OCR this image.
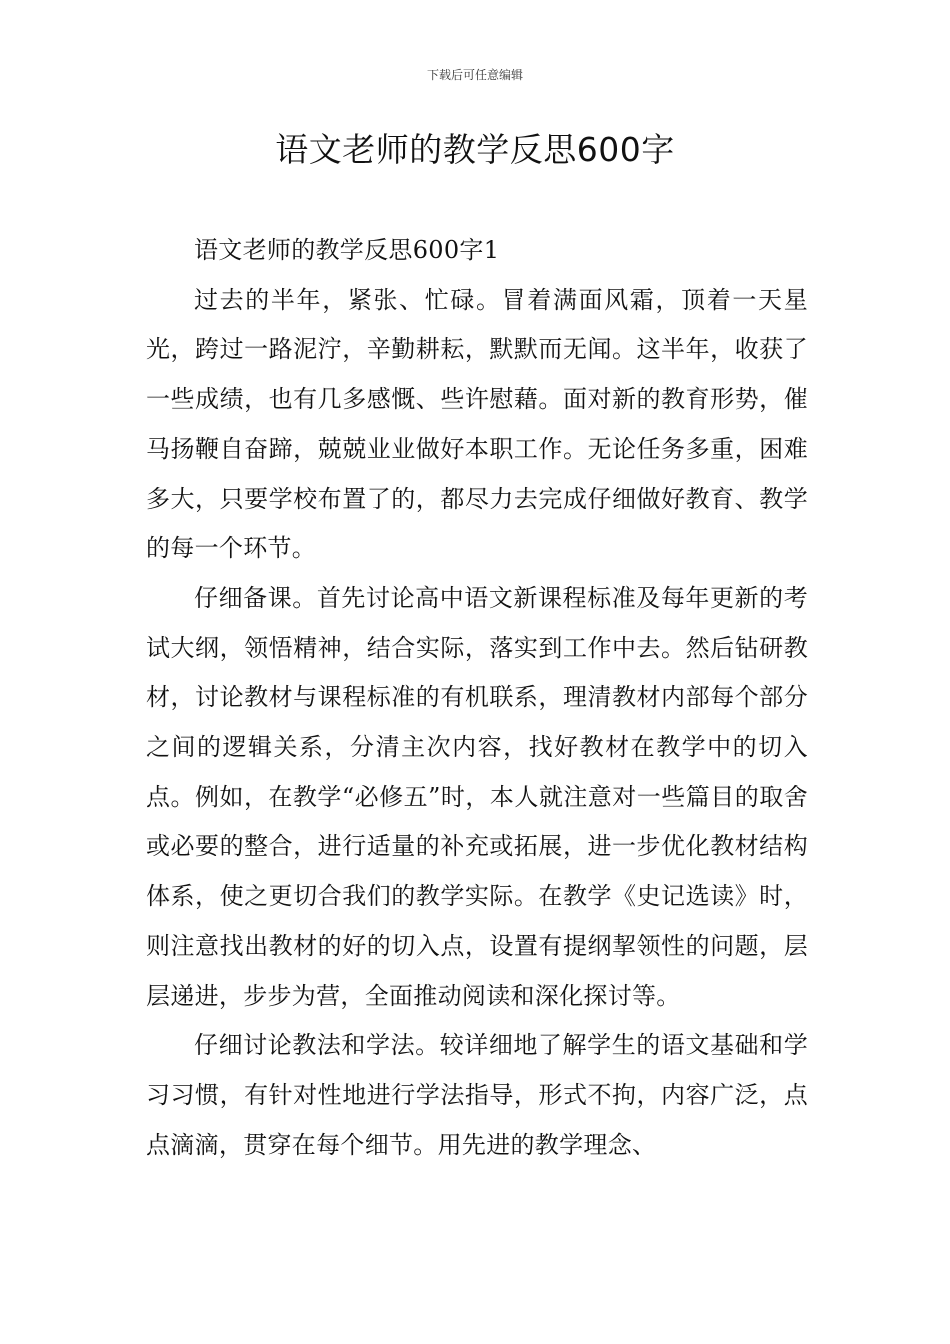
下载后可任意编辑
语文老师的教学反思600字

语文老师的教学反思600字1

过去的半年，紧张、忙碌。冒着满面风霜，顶着一天星光，跨过一路泥泞，辛勤耕耘，默默而无闻。这半年，收获了一些成绩，也有几多感慨、些许慰藉。面对新的教育形势，催马扬鞭自奋蹄，兢兢业业做好本职工作。无论任务多重，困难多大，只要学校布置了的，都尽力去完成仔细做好教育、教学的每一个环节。

仔细备课。首先讨论高中语文新课程标准及每年更新的考试大纲，领悟精神，结合实际，落实到工作中去。然后钻研教材，讨论教材与课程标准的有机联系，理清教材内部每个部分之间的逻辑关系，分清主次内容，找好教材在教学中的切入点。例如，在教学“必修五”时，本人就注意对一些篇目的取舍或必要的整合，进行适量的补充或拓展，进一步优化教材结构体系，使之更切合我们的教学实际。在教学《史记选读》时，则注意找出教材的好的切入点，设置有提纲挈领性的问题，层层递进，步步为营，全面推动阅读和深化探讨等。

仔细讨论教法和学法。较详细地了解学生的语文基础和学习习惯，有针对性地进行学法指导，形式不拘，内容广泛，点点滴滴，贯穿在每个细节。用先进的教学理念、
